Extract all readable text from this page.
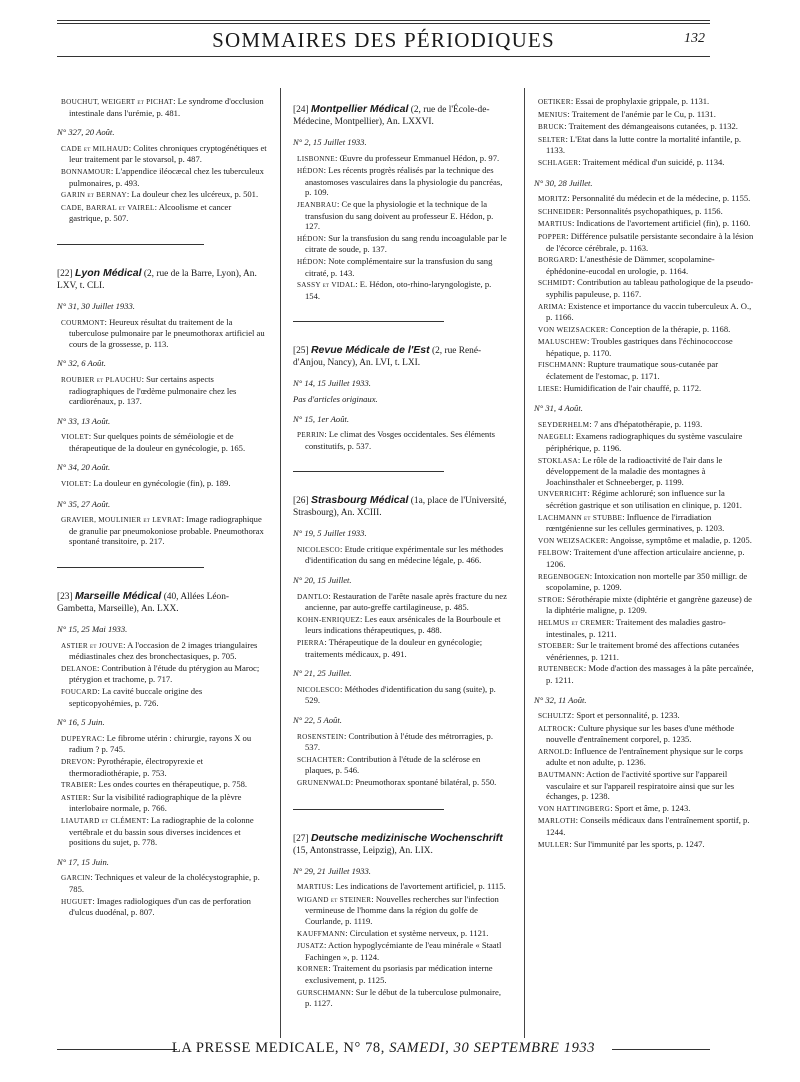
SOMMAIRES DES PÉRIODIQUES	132
BOUCHUT, WEIGERT et PICHAT: Le syndrome d'occlusion intestinale dans l'urémie, p. 481.
N° 327, 20 Août.
CADE et MILHAUD: Colites chroniques cryptogénétiques et leur traitement par le stovarsol, p. 487.
BONNAMOUR: L'appendice iléocæcal chez les tuberculeux pulmonaires, p. 493.
GARIN et BERNAY: La douleur chez les ulcéreux, p. 501.
CADE, BARRAL et VAIREL: Alcoolisme et cancer gastrique, p. 507.
[22] Lyon Médical (2, rue de la Barre, Lyon), An. LXV, t. CLI.
N° 31, 30 Juillet 1933.
COURMONT: Heureux résultat du traitement de la tuberculose pulmonaire par le pneumothorax artificiel au cours de la grossesse, p. 113.
N° 32, 6 Août.
ROUBIER et PLAUCHU: Sur certains aspects radiographiques de l'œdème pulmonaire chez les cardiorénaux, p. 137.
N° 33, 13 Août.
VIOLET: Sur quelques points de séméiologie et de thérapeutique de la douleur en gynécologie, p. 165.
N° 34, 20 Août.
VIOLET: La douleur en gynécologie (fin), p. 189.
N° 35, 27 Août.
GRAVIER, MOULINIER et LEVRAT: Image radiographique de granulie par pneumokoniose probable. Pneumothorax spontané transitoire, p. 217.
[23] Marseille Médical (40, Allées Léon-Gambetta, Marseille), An. LXX.
N° 15, 25 Mai 1933.
ASTIER et JOUVE: A l'occasion de 2 images triangulaires médiastinales chez des bronchectasiques, p. 705.
DELANOE: Contribution à l'étude du ptérygion au Maroc; ptérygion et trachome, p. 717.
FOUCARD: La cavité buccale origine des septicopyohémies, p. 726.
N° 16, 5 Juin.
DUPEYRAC: Le fibrome utérin : chirurgie, rayons X ou radium ? p. 745.
DREVON: Pyrothérapie, électropyrexie et thermoradiothérapie, p. 753.
TRABIER: Les ondes courtes en thérapeutique, p. 758.
ASTIER: Sur la visibilité radiographique de la plèvre interlobaire normale, p. 766.
LIAUTARD et CLÉMENT: La radiographie de la colonne vertébrale et du bassin sous diverses incidences et positions du sujet, p. 778.
N° 17, 15 Juin.
GARCIN: Techniques et valeur de la cholécystographie, p. 785.
HUGUET: Images radiologiques d'un cas de perforation d'ulcus duodénal, p. 807.
[24] Montpellier Médical (2, rue de l'École-de-Médecine, Montpellier), An. LXXVI.
N° 2, 15 Juillet 1933.
LISBONNE: Œuvre du professeur Emmanuel Hédon, p. 97.
HÉDON: Les récents progrès réalisés par la technique des anastomoses vasculaires dans la physiologie du pancréas, p. 109.
JEANBRAU: Ce que la physiologie et la technique de la transfusion du sang doivent au professeur E. Hédon, p. 127.
HÉDON: Sur la transfusion du sang rendu incoagulable par le citrate de soude, p. 137.
HÉDON: Note complémentaire sur la transfusion du sang citraté, p. 143.
SASSY et VIDAL: E. Hédon, oto-rhino-laryngologiste, p. 154.
[25] Revue Médicale de l'Est (2, rue René-d'Anjou, Nancy), An. LVI, t. LXI.
N° 14, 15 Juillet 1933.
Pas d'articles originaux.
N° 15, 1er Août.
PERRIN: Le climat des Vosges occidentales. Ses éléments constitutifs, p. 537.
[26] Strasbourg Médical (1a, place de l'Université, Strasbourg), An. XCIII.
N° 19, 5 Juillet 1933.
NICOLESCO: Etude critique expérimentale sur les méthodes d'identification du sang en médecine légale, p. 466.
N° 20, 15 Juillet.
DANTLO: Restauration de l'arête nasale après fracture du nez ancienne, par auto-greffe cartilagineuse, p. 485.
KOHN-ENRIQUEZ: Les eaux arsénicales de la Bourboule et leurs indications thérapeutiques, p. 488.
PIERRA: Thérapeutique de la douleur en gynécologie; traitements médicaux, p. 491.
N° 21, 25 Juillet.
NICOLESCO: Méthodes d'identification du sang (suite), p. 529.
N° 22, 5 Août.
ROSENSTEIN: Contribution à l'étude des métrorragies, p. 537.
SCHACHTER: Contribution à l'étude de la sclérose en plaques, p. 546.
GRUNENWALD: Pneumothorax spontané bilatéral, p. 550.
[27] Deutsche medizinische Wochenschrift (15, Antonstrasse, Leipzig), An. LIX.
N° 29, 21 Juillet 1933.
MARTIUS: Les indications de l'avortement artificiel, p. 1115.
WIGAND et STEINER: Nouvelles recherches sur l'infection vermineuse de l'homme dans la région du golfe de Courlande, p. 1119.
KAUFFMANN: Circulation et système nerveux, p. 1121.
JUSATZ: Action hypoglycémiante de l'eau minérale « Staatl Fachingen », p. 1124.
KORNER: Traitement du psoriasis par médication interne exclusivement, p. 1125.
GURSCHMANN: Sur le début de la tuberculose pulmonaire, p. 1127.
OETIKER: Essai de prophylaxie grippale, p. 1131.
MENIUS: Traitement de l'anémie par le Cu, p. 1131.
BRUCK: Traitement des démangeaisons cutanées, p. 1132.
SELTER: L'Etat dans la lutte contre la mortalité infantile, p. 1133.
SCHLAGER: Traitement médical d'un suicidé, p. 1134.
N° 30, 28 Juillet.
MORITZ: Personnalité du médecin et de la médecine, p. 1155.
SCHNEIDER: Personnalités psychopathiques, p. 1156.
MARTIUS: Indications de l'avortement artificiel (fin), p. 1160.
POPPER: Différence pulsatile persistante secondaire à la lésion de l'écorce cérébrale, p. 1163.
BORGARD: L'anesthésie de Dämmer, scopolamine-éphédonine-eucodal en urologie, p. 1164.
SCHMIDT: Contribution au tableau pathologique de la pseudo-syphilis papuleuse, p. 1167.
ARIMA: Existence et importance du vaccin tuberculeux A. O., p. 1166.
VON WEIZSACKER: Conception de la thérapie, p. 1168.
MALUSCHEW: Troubles gastriques dans l'échinococcose hépatique, p. 1170.
FISCHMANN: Rupture traumatique sous-cutanée par éclatement de l'estomac, p. 1171.
LIESE: Humidification de l'air chauffé, p. 1172.
N° 31, 4 Août.
SEYDERHELM: 7 ans d'hépatothérapie, p. 1193.
NAEGELI: Examens radiographiques du système vasculaire périphérique, p. 1196.
STOKLASA: Le rôle de la radioactivité de l'air dans le développement de la maladie des montagnes à Joachinsthaler et Schneeberger, p. 1199.
UNVERRICHT: Régime achloruré; son influence sur la sécrétion gastrique et son utilisation en clinique, p. 1201.
LACHMANN et STUBBE: Influence de l'irradiation rœntgénienne sur les cellules germinatives, p. 1203.
VON WEIZSACKER: Angoisse, symptôme et maladie, p. 1205.
FELBOW: Traitement d'une affection articulaire ancienne, p. 1206.
REGENBOGEN: Intoxication non mortelle par 350 milligr. de scopolamine, p. 1209.
STROE: Sérothérapie mixte (diphtérie et gangrène gazeuse) de la diphtérie maligne, p. 1209.
HELMUS et CREMER: Traitement des maladies gastro-intestinales, p. 1211.
STOEBER: Sur le traitement bromé des affections cutanées vénériennes, p. 1211.
RUTENBECK: Mode d'action des massages à la pâte percaïnée, p. 1211.
N° 32, 11 Août.
SCHULTZ: Sport et personnalité, p. 1233.
ALTROCK: Culture physique sur les bases d'une méthode nouvelle d'entraînement corporel, p. 1235.
ARNOLD: Influence de l'entraînement physique sur le corps adulte et non adulte, p. 1236.
BAUTMANN: Action de l'activité sportive sur l'appareil vasculaire et sur l'appareil respiratoire ainsi que sur les échanges, p. 1238.
VON HATTINGBERG: Sport et âme, p. 1243.
MARLOTH: Conseils médicaux dans l'entraînement sportif, p. 1244.
MULLER: Sur l'immunité par les sports, p. 1247.
LA PRESSE MEDICALE, N° 78, SAMEDI, 30 SEPTEMBRE 1933
